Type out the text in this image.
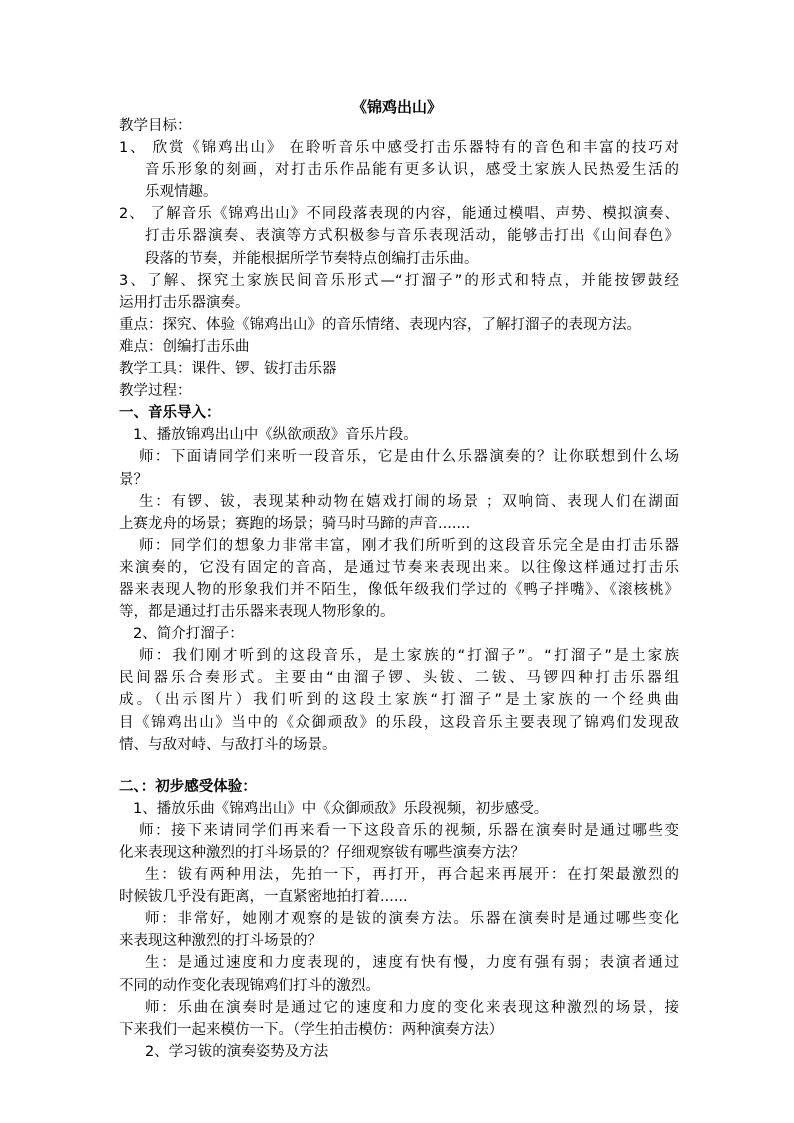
《锦鸡出山》
教学目标：
1、 欣赏《锦鸡出山》 在聆听音乐中感受打击乐器特有的音色和丰富的技巧对
音乐形象的刻画，对打击乐作品能有更多认识，感受土家族人民热爱生活的
乐观情趣。
2、 了解音乐《锦鸡出山》不同段落表现的内容，能通过模唱、声势、模拟演奏、
打击乐器演奏、表演等方式积极参与音乐表现活动，能够击打出《山间春色》
段落的节奏，并能根据所学节奏特点创编打击乐曲。
3、了解、探究土家族民间音乐形式—“打溜子”的形式和特点，并能按锣鼓经
运用打击乐器演奏。
重点：探究、体验《锦鸡出山》的音乐情绪、表现内容，了解打溜子的表现方法。
难点：创编打击乐曲
教学工具：课件、锣、钹打击乐器
教学过程：
一、音乐导入：
1、播放锦鸡出山中《纵欲顽敌》音乐片段。
师：下面请同学们来听一段音乐，它是由什么乐器演奏的？让你联想到什么场
景？
生：有锣、钹，表现某种动物在嬉戏打闹的场景 ；双响筒、表现人们在湖面
上赛龙舟的场景；赛跑的场景；骑马时马蹄的声音.......
师：同学们的想象力非常丰富，刚才我们所听到的这段音乐完全是由打击乐器
来演奏的，它没有固定的音高，是通过节奏来表现出来。以往像这样通过打击乐
器来表现人物的形象我们并不陌生，像低年级我们学过的《鸭子拌嘴》、《滚核桃》
等，都是通过打击乐器来表现人物形象的。
2、简介打溜子：
师：我们刚才听到的这段音乐，是土家族的“打溜子”。“打溜子”是土家族
民间器乐合奏形式。主要由“由溜子锣、头钹、二钹、马锣四种打击乐器组
成。（出示图片）我们听到的这段土家族“打溜子”是土家族的一个经典曲
目《锦鸡出山》当中的《众御顽敌》的乐段，这段音乐主要表现了锦鸡们发现敌
情、与敌对峙、与敌打斗的场景。
二、：初步感受体验：
1、播放乐曲《锦鸡出山》中《众御顽敌》乐段视频，初步感受。
师：接下来请同学们再来看一下这段音乐的视频, 乐器在演奏时是通过哪些变
化来表现这种激烈的打斗场景的？仔细观察钹有哪些演奏方法？
生：钹有两种用法，先拍一下，再打开，再合起来再展开：在打架最激烈的
时候钹几乎没有距离，一直紧密地拍打着......
师：非常好，她刚才观察的是钹的演奏方法。乐器在演奏时是通过哪些变化
来表现这种激烈的打斗场景的？
生：是通过速度和力度表现的，速度有快有慢，力度有强有弱；表演者通过
不同的动作变化表现锦鸡们打斗的激烈。
师：乐曲在演奏时是通过它的速度和力度的变化来表现这种激烈的场景，接
下来我们一起来模仿一下。（学生拍击模仿：两种演奏方法）
2、学习钹的演奏姿势及方法
